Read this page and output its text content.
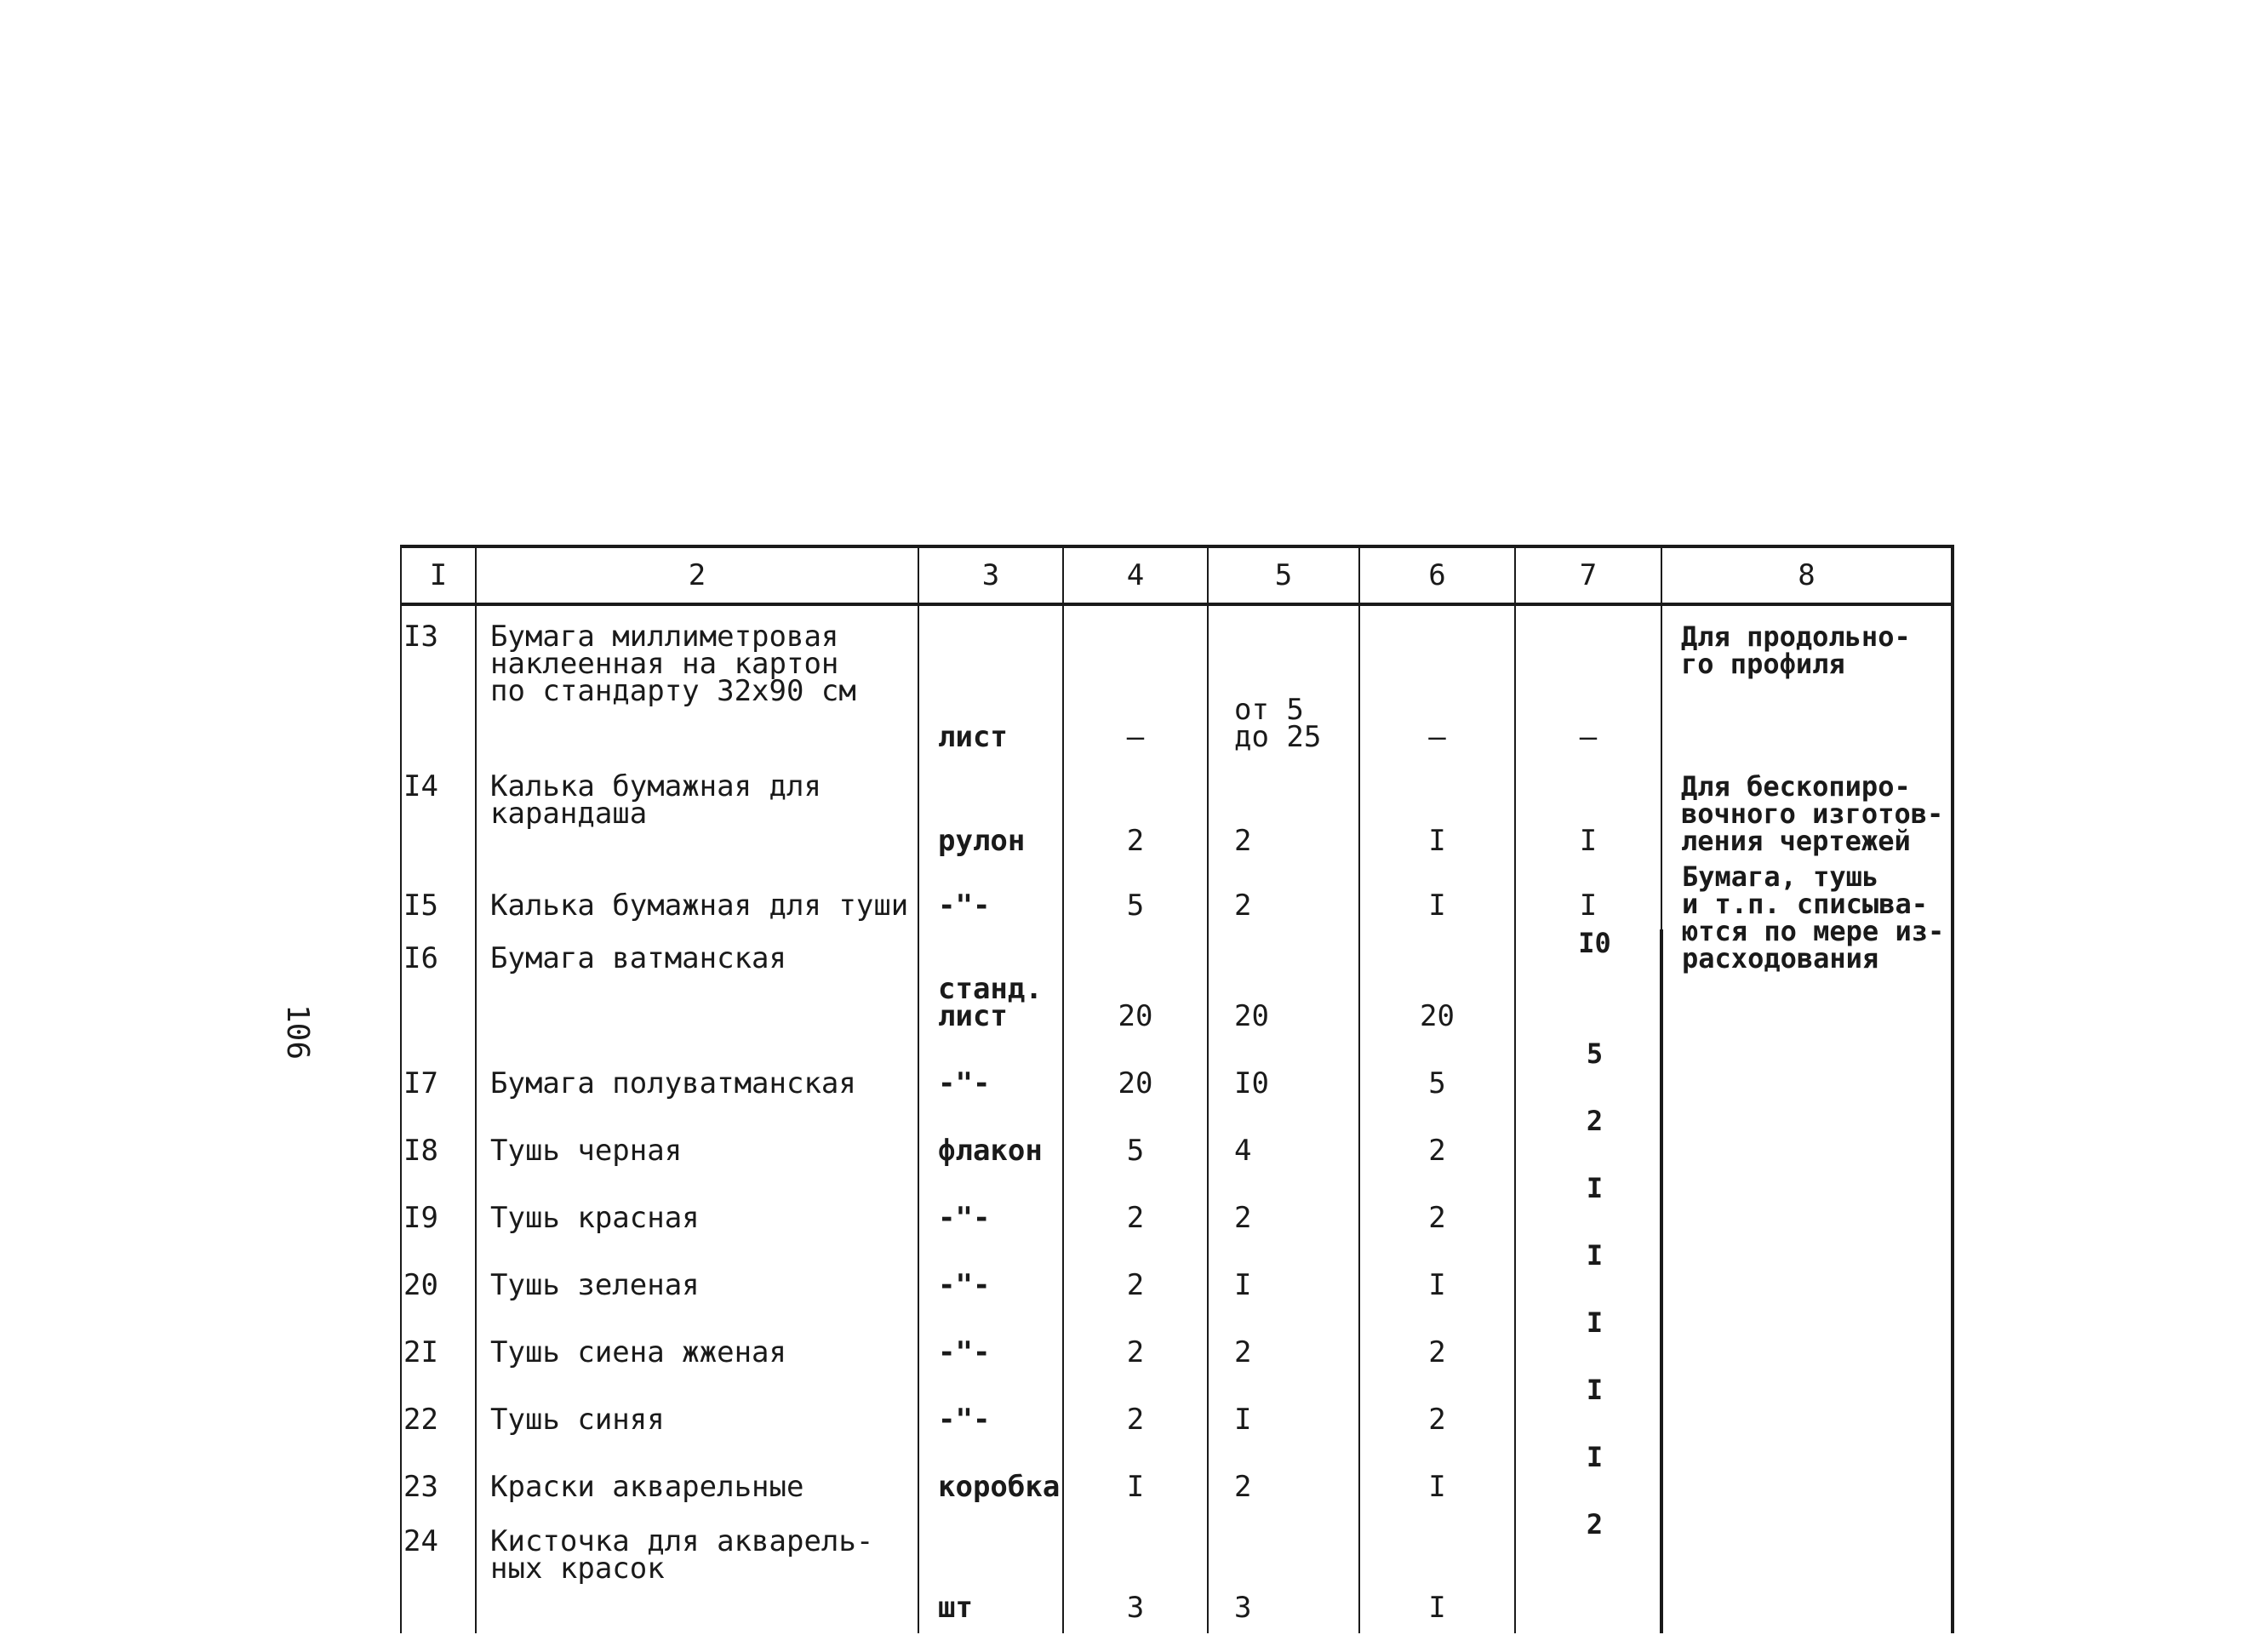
106
I	2	3	4	5	6	7	8
I3	Бумага миллиметровая
наклеенная на картон
по стандарту 32х90 см	лист	–	от 5
до 25	–	–	Для продольно-
го профиля
I4	Калька бумажная для
карандаша	рулон	2	2	I	I	Для бескопиро-
вочного изготов-
ления чертежей
I5	Калька бумажная для туши	-"-	5	2	I	I	Бумага, тушь
и т.п. списыва-
ются по мере из-
расходования
I6	Бумага ватманская	станд.
лист	20	20	20	I0	
I7	Бумага полуватманская	-"-	20	I0	5	5	
I8	Тушь черная	флакон	5	4	2	2	
I9	Тушь красная	-"-	2	2	2	I	
20	Тушь зеленая	-"-	2	I	I	I	
2I	Тушь сиена жженая	-"-	2	2	2	I	
22	Тушь синяя	-"-	2	I	2	I	
23	Краски акварельные	коробка	I	2	I	I	
24	Кисточка для акварель-
ных красок	шт	3	3	I	2	
